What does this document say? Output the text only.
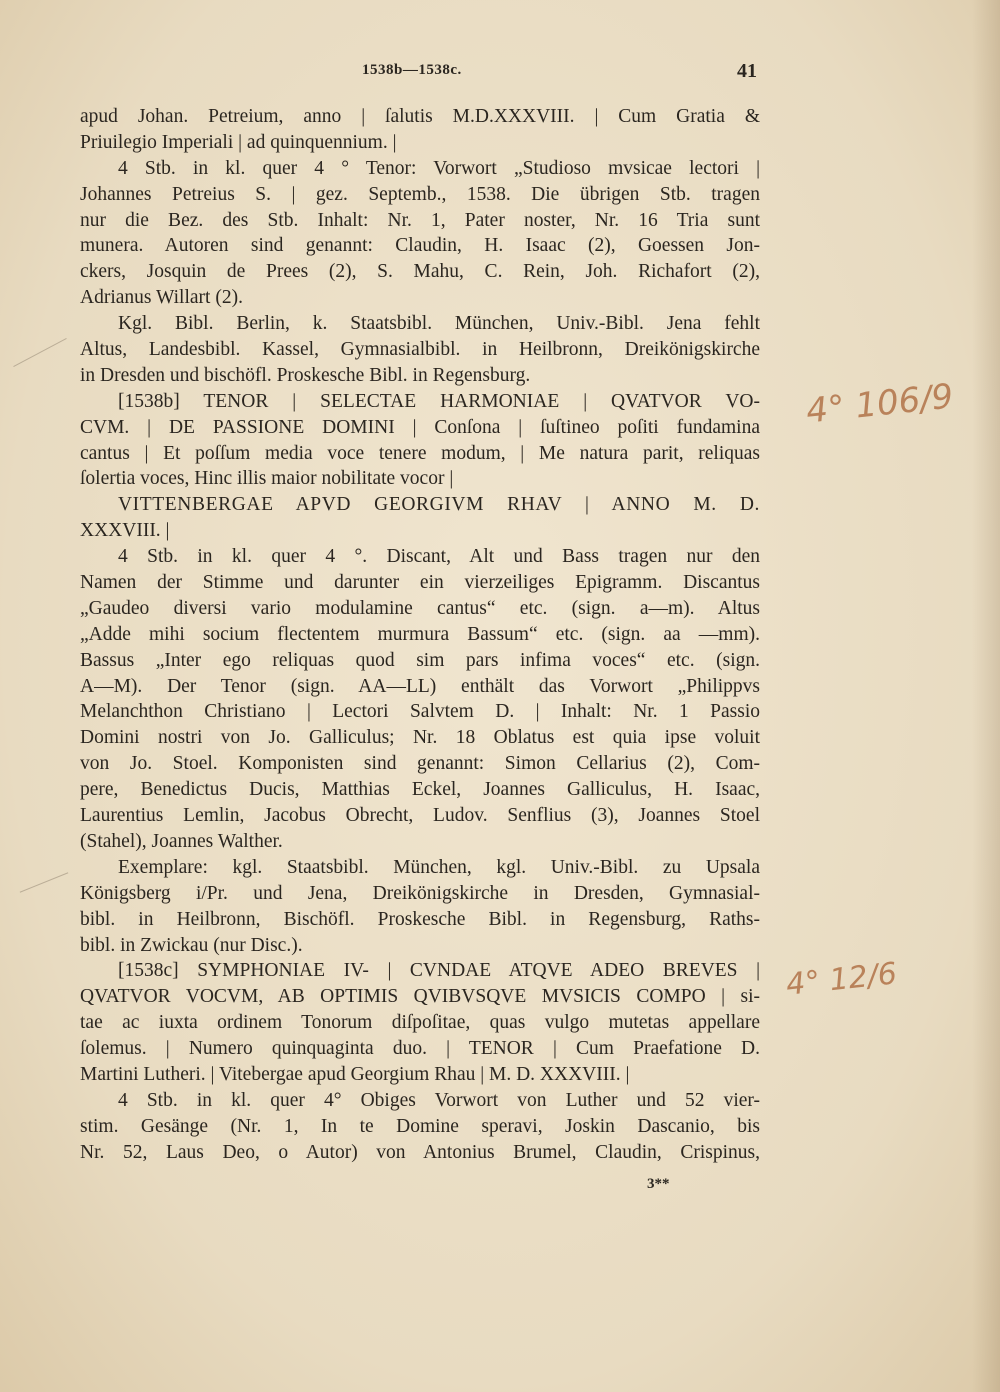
1538b—1538c.	41
apud Johan. Petreium, anno | ſalutis M.D.XXXVIII. | Cum Gratia &
Priuilegio Imperiali | ad quinquennium. |
4 Stb. in kl. quer 4 ° Tenor: Vorwort „Studioso mvsicae lectori |
Johannes Petreius S. | gez. Septemb., 1538. Die übrigen Stb. tragen
nur die Bez. des Stb. Inhalt: Nr. 1, Pater noster, Nr. 16 Tria sunt
munera. Autoren sind genannt: Claudin, H. Isaac (2), Goessen Jon-
ckers, Josquin de Prees (2), S. Mahu, C. Rein, Joh. Richafort (2),
Adrianus Willart (2).
Kgl. Bibl. Berlin, k. Staatsbibl. München, Univ.-Bibl. Jena fehlt
Altus, Landesbibl. Kassel, Gymnasialbibl. in Heilbronn, Dreikönigskirche
in Dresden und bischöfl. Proskesche Bibl. in Regensburg.
[1538b] TENOR | SELECTAE HARMONIAE | QVATVOR VO-
CVM. | DE PASSIONE DOMINI | Conſona | ſuſtineo poſiti fundamina
cantus | Et poſſum media voce tenere modum, | Me natura parit, reliquas
ſolertia voces, Hinc illis maior nobilitate vocor |
VITTENBERGAE APVD GEORGIVM RHAV | ANNO M. D.
XXXVIII. |
4 Stb. in kl. quer 4 °. Discant, Alt und Bass tragen nur den
Namen der Stimme und darunter ein vierzeiliges Epigramm. Discantus
„Gaudeo diversi vario modulamine cantus“ etc. (sign. a—m). Altus
„Adde mihi socium flectentem murmura Bassum“ etc. (sign. aa —mm).
Bassus „Inter ego reliquas quod sim pars infima voces“ etc. (sign.
A—M). Der Tenor (sign. AA—LL) enthält das Vorwort „Philippvs
Melanchthon Christiano | Lectori Salvtem D. | Inhalt: Nr. 1 Passio
Domini nostri von Jo. Galliculus; Nr. 18 Oblatus est quia ipse voluit
von Jo. Stoel. Komponisten sind genannt: Simon Cellarius (2), Com-
pere, Benedictus Ducis, Matthias Eckel, Joannes Galliculus, H. Isaac,
Laurentius Lemlin, Jacobus Obrecht, Ludov. Senflius (3), Joannes Stoel
(Stahel), Joannes Walther.
Exemplare: kgl. Staatsbibl. München, kgl. Univ.-Bibl. zu Upsala
Königsberg i/Pr. und Jena, Dreikönigskirche in Dresden, Gymnasial-
bibl. in Heilbronn, Bischöfl. Proskesche Bibl. in Regensburg, Raths-
bibl. in Zwickau (nur Disc.).
[1538c] SYMPHONIAE IV- | CVNDAE ATQVE ADEO BREVES |
QVATVOR VOCVM, AB OPTIMIS QVIBVSQVE MVSICIS COMPO | si-
tae ac iuxta ordinem Tonorum diſpoſitae, quas vulgo mutetas appellare
ſolemus. | Numero quinquaginta duo. | TENOR | Cum Praefatione D.
Martini Lutheri. | Vitebergae apud Georgium Rhau | M. D. XXXVIII. |
4 Stb. in kl. quer 4° Obiges Vorwort von Luther und 52 vier-
stim. Gesänge (Nr. 1, In te Domine speravi, Joskin Dascanio, bis
Nr. 52, Laus Deo, o Autor) von Antonius Brumel, Claudin, Crispinus,
3**
4° 106/9
4° 12/6
